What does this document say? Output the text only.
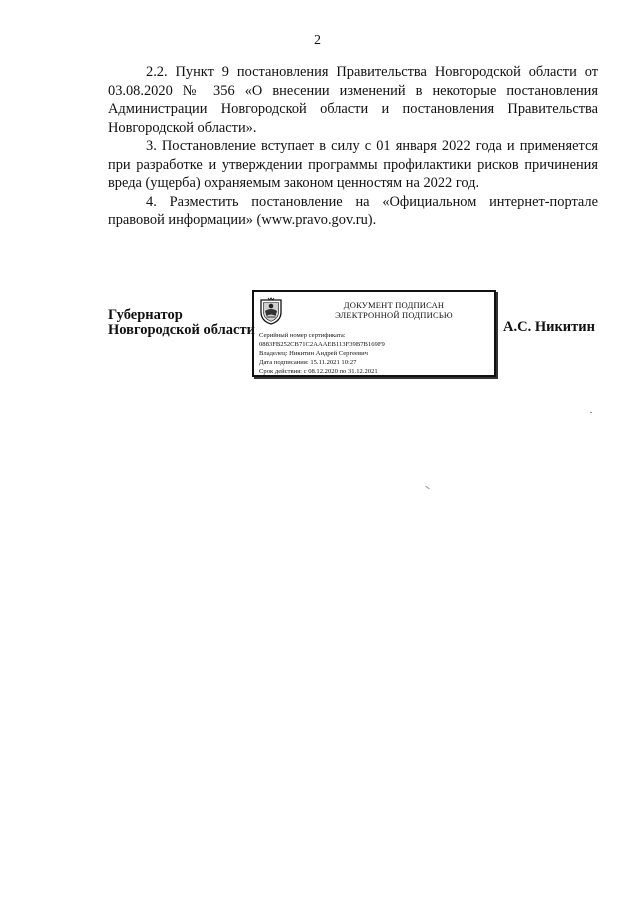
2

2.2. Пункт 9 постановления Правительства Новгородской области от 03.08.2020 № 356 «О внесении изменений в некоторые постановления Администрации Новгородской области и постановления Правительства Новгородской области».

3. Постановление вступает в силу с 01 января 2022 года и применяется при разработке и утверждении программы профилактики рисков причинения вреда (ущерба) охраняемым законом ценностям на 2022 год.

4. Разместить постановление на «Официальном интернет-портале правовой информации» (www.pravo.gov.ru).

Губернатор
Новгородской области
ДОКУМЕНТ ПОДПИСАН
ЭЛЕКТРОННОЙ ПОДПИСЬЮ
Серийный номер сертификата:
0883FB252CB71C2AAAEB113F39B7B169F9
Владелец: Никитин Андрей Сергеевич
Дата подписания: 15.11.2021 10:27
Срок действия: с 08.12.2020 по 31.12.2021
А.С. Никитин
